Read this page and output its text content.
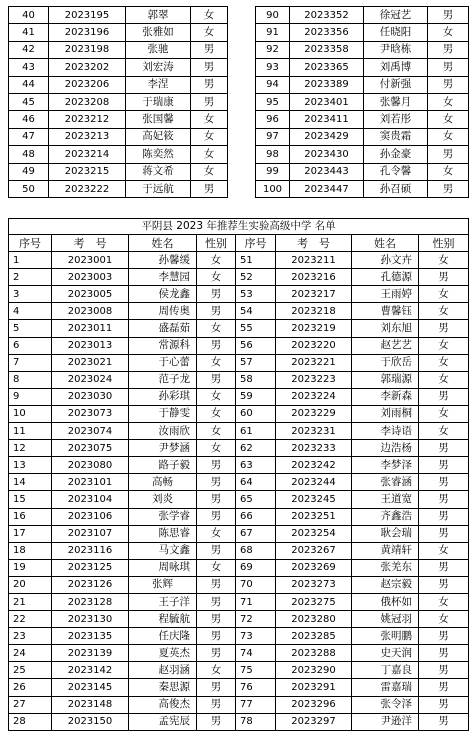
40	2023195	郭翠	女
41	2023196	张雅如	女
42	2023198	张驰	男
43	2023202	刘宏涛	男
44	2023206	李涅	男
45	2023208	于瑞康	男
46	2023212	张国馨	女
47	2023213	高妃筱	女
48	2023214	陈奕然	女
49	2023215	蒋文希	女
50	2023222	于远航	男
90	2023352	徐冠艺	男
91	2023356	任晓阳	女
92	2023358	尹晗栋	男
93	2023365	刘禹博	男
94	2023389	付新强	男
95	2023401	张馨月	女
96	2023411	刘若彤	女
97	2023429	窦贵霜	女
98	2023430	孙金豪	男
99	2023443	孔令馨	女
100	2023447	孙召硕	男
平阴县 2023 年推荐生实验高级中学 名单							
序号	考　号	姓名	性别	序号	考　号	姓名	性别
1	2023001	孙馨缓	女	51	2023211	孙文卉	女
2	2023003	李慧园	女	52	2023216	孔德源	男
3	2023005	侯龙鑫	男	53	2023217	王雨婷	女
4	2023008	周传奥	男	54	2023218	曹馨钰	女
5	2023011	盛磊茹	女	55	2023219	刘东旭	男
6	2023013	常源科	男	56	2023220	赵艺艺	女
7	2023021	于心蕾	女	57	2023221	于欣岳	女
8	2023024	范子龙	男	58	2023223	郭瑞源	女
9	2023030	孙彩琪	女	59	2023224	李新森	男
10	2023073	于静雯	女	60	2023229	刘雨桐	女
11	2023074	汝雨欣	女	61	2023231	李诗语	女
12	2023075	尹梦涵	女	62	2023233	边浩杨	男
13	2023080	路子毅	男	63	2023242	李梦泽	男
14	2023101	高畅	男	64	2023244	张睿涵	男
15	2023104	刘炎	男	65	2023245	王道宽	男
16	2023106	张学睿	男	66	2023251	齐鑫浩	男
17	2023107	陈思睿	女	67	2023254	耿会瑞	男
18	2023116	马文鑫	男	68	2023267	黄靖轩	女
19	2023125	周咏琪	女	69	2023269	张羌东	男
20	2023126	张辉	男	70	2023273	赵宗毅	男
21	2023128	王子洋	男	71	2023275	俄杯如	女
22	2023130	程毓航	男	72	2023280	姚冠羽	女
23	2023135	任庆隆	男	73	2023285	张明鹏	男
24	2023139	夏英杰	男	74	2023288	史天润	男
25	2023142	赵羽涵	女	75	2023290	丁嘉良	男
26	2023145	秦思源	男	76	2023291	雷嘉瑞	男
27	2023148	高俊杰	男	77	2023296	张令泽	男
28	2023150	孟宪辰	男	78	2023297	尹逊洋	男
